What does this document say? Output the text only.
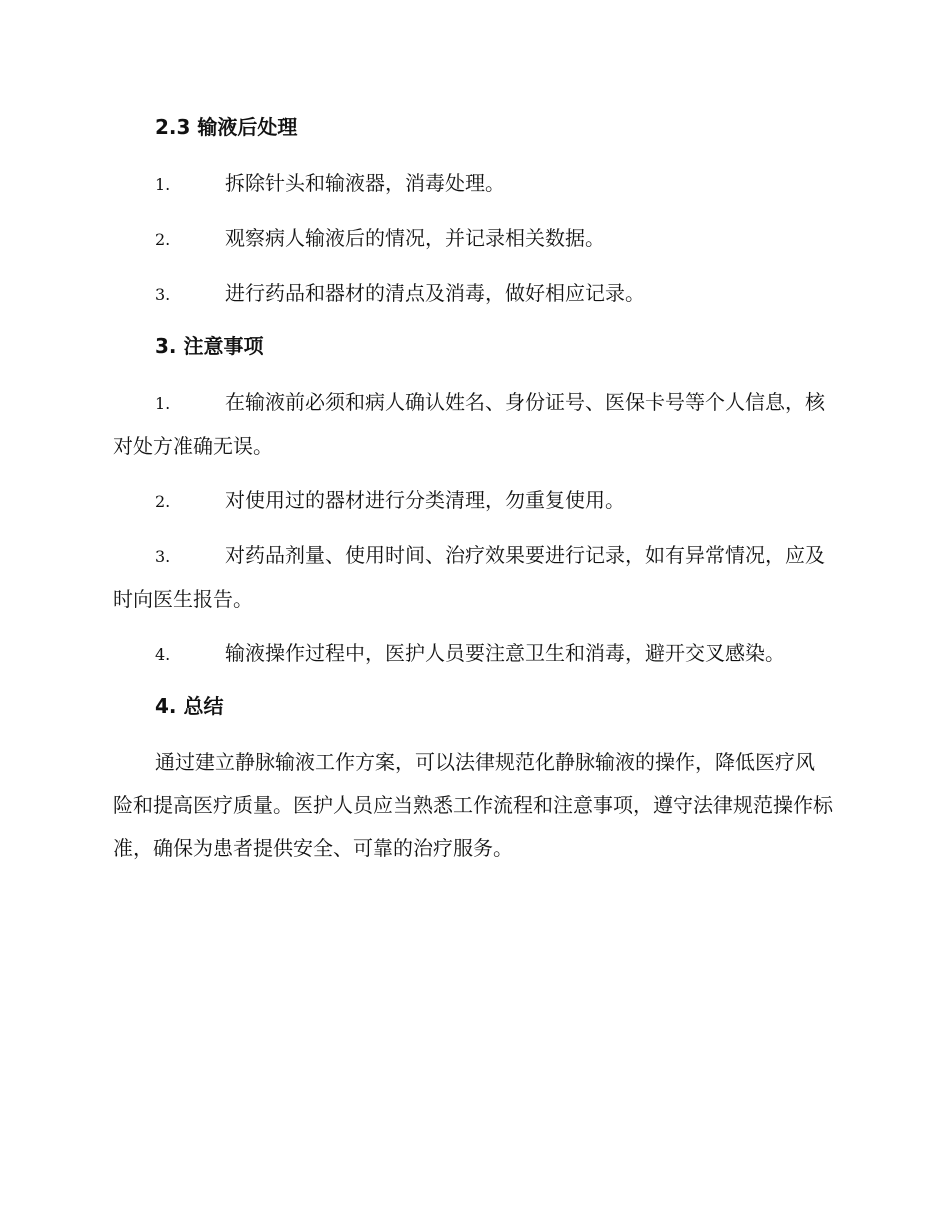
2.3 输液后处理
1.	拆除针头和输液器，消毒处理。
2.	观察病人输液后的情况，并记录相关数据。
3.	进行药品和器材的清点及消毒，做好相应记录。
3. 注意事项
1.	在输液前必须和病人确认姓名、身份证号、医保卡号等个人信息，核对处方准确无误。
2.	对使用过的器材进行分类清理，勿重复使用。
3.	对药品剂量、使用时间、治疗效果要进行记录，如有异常情况，应及时向医生报告。
4.	输液操作过程中，医护人员要注意卫生和消毒，避开交叉感染。
4. 总结

通过建立静脉输液工作方案，可以法律规范化静脉输液的操作，降低医疗风险和提高医疗质量。医护人员应当熟悉工作流程和注意事项，遵守法律规范操作标准，确保为患者提供安全、可靠的治疗服务。
